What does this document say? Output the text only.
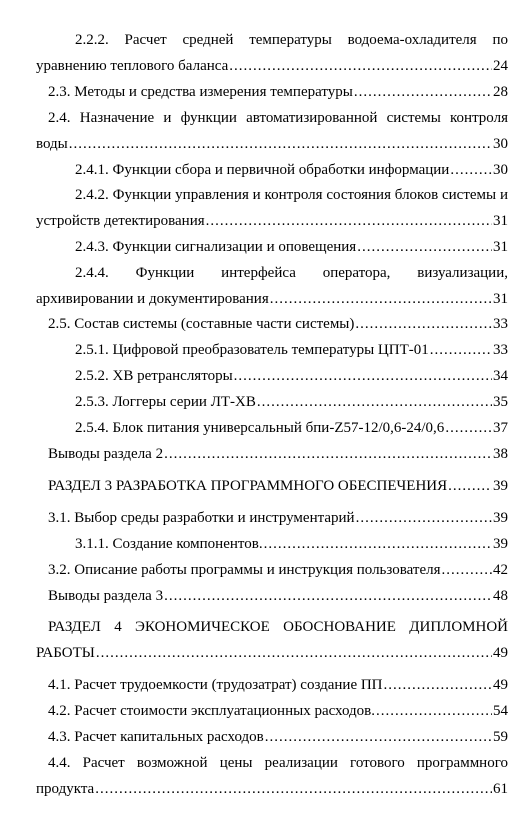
2.2.2. Расчет средней температуры водоема-охладителя по
уравнению теплового баланса .....	24
2.3. Методы и средства измерения температуры .....	28
2.4. Назначение и функции автоматизированной системы контроля
воды .....	30
2.4.1. Функции сбора и первичной обработки информации .....	30
2.4.2. Функции управления и контроля состояния блоков системы и
устройств детектирования .....	31
2.4.3. Функции сигнализации и оповещения .....	31
2.4.4. Функции интерфейса оператора, визуализации,
архивировании и документирования .....	31
2.5. Состав системы (составные части системы) .....	33
2.5.1. Цифровой преобразователь температуры ЦПТ-01 .....	33
2.5.2. ХВ ретрансляторы .....	34
2.5.3. Логгеры серии ЛТ-ХВ .....	35
2.5.4. Блок питания универсальный бпи-Z57-12/0,6-24/0,6 .....	37
Выводы раздела 2 .....	38
РАЗДЕЛ 3 РАЗРАБОТКА ПРОГРАММНОГО ОБЕСПЕЧЕНИЯ .....	39
3.1. Выбор среды разработки и инструментарий .....	39
3.1.1. Создание компонентов. .....	39
3.2. Описание работы программы и инструкция пользователя .....	42
Выводы раздела 3 .....	48
РАЗДЕЛ 4 ЭКОНОМИЧЕСКОЕ ОБОСНОВАНИЕ ДИПЛОМНОЙ
РАБОТЫ .....	49
4.1. Расчет трудоемкости (трудозатрат) создание ПП .....	49
4.2. Расчет стоимости эксплуатационных расходов. .....	54
4.3. Расчет капитальных расходов .....	59
4.4. Расчет возможной цены реализации готового программного
продукта .....	61
